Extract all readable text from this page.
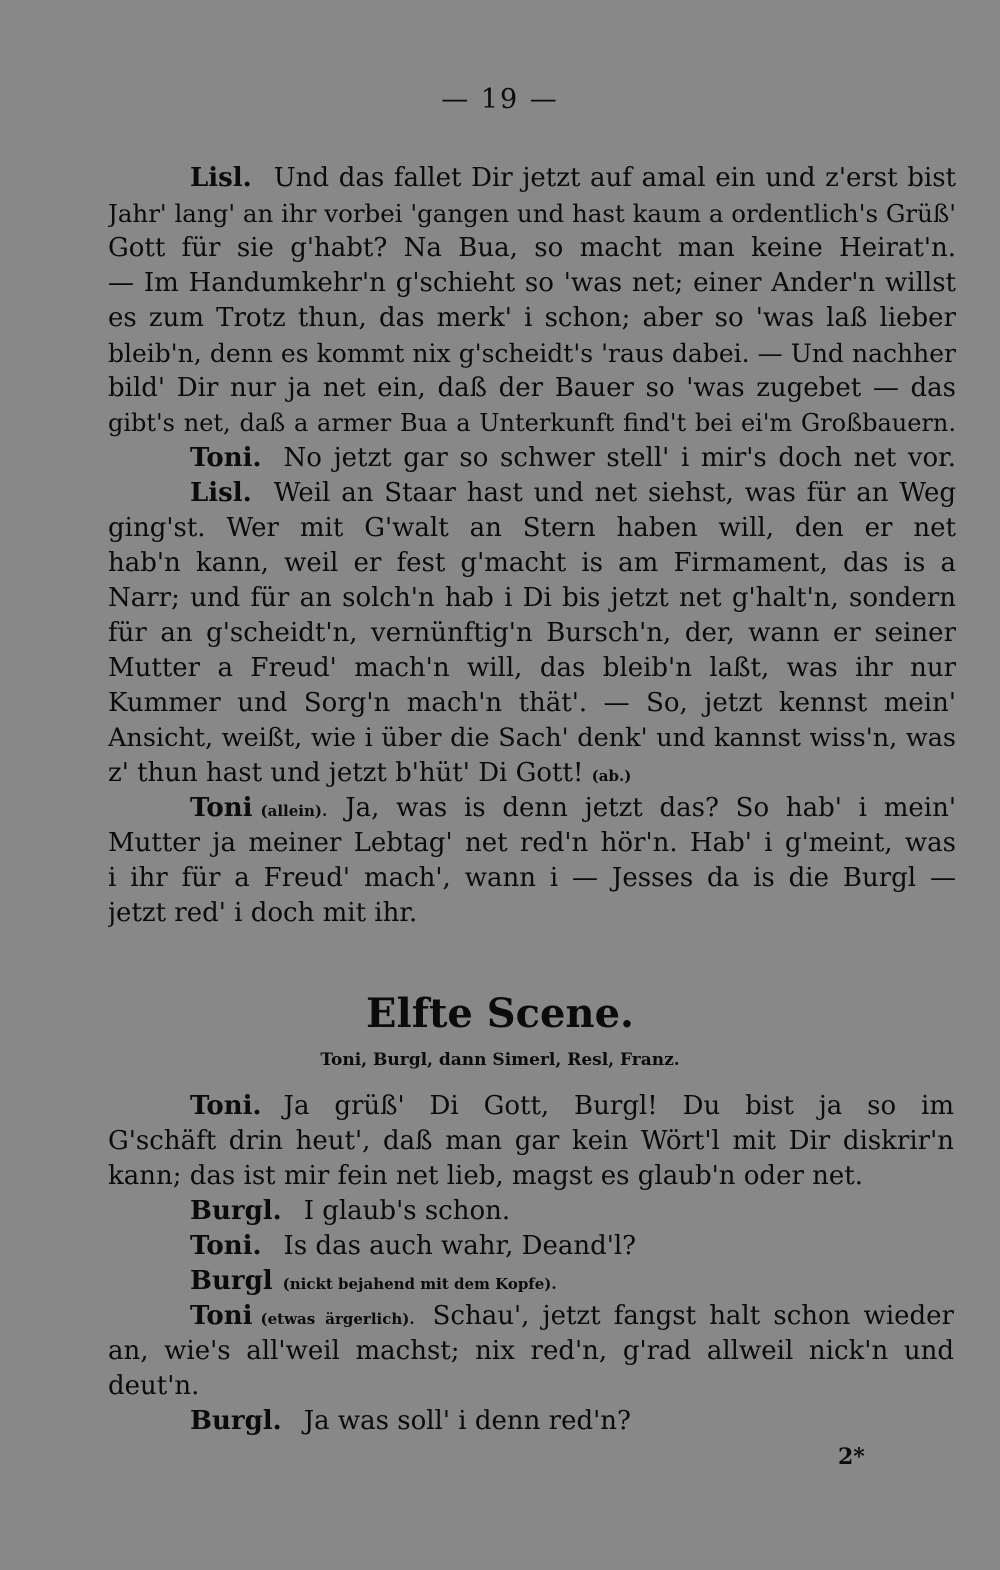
— 19 —
Lisl. Und das fallet Dir jetzt auf amal ein und z'erst bist
Jahr' lang' an ihr vorbei 'gangen und hast kaum a ordentlich's Grüß'
Gott für sie g'habt? Na Bua, so macht man keine Heirat'n.
— Im Handumkehr'n g'schieht so 'was net; einer Ander'n willst
es zum Trotz thun, das merk' i schon; aber so 'was laß lieber
bleib'n, denn es kommt nix g'scheidt's 'raus dabei. — Und nachher
bild' Dir nur ja net ein, daß der Bauer so 'was zugebet — das
gibt's net, daß a armer Bua a Unterkunft find't bei ei'm Großbauern.
Toni. No jetzt gar so schwer stell' i mir's doch net vor.
Lisl. Weil an Staar hast und net siehst, was für an Weg
ging'st. Wer mit G'walt an Stern haben will, den er net
hab'n kann, weil er fest g'macht is am Firmament, das is a
Narr; und für an solch'n hab i Di bis jetzt net g'halt'n, sondern
für an g'scheidt'n, vernünftig'n Bursch'n, der, wann er seiner
Mutter a Freud' mach'n will, das bleib'n laßt, was ihr nur
Kummer und Sorg'n mach'n thät'. — So, jetzt kennst mein'
Ansicht, weißt, wie i über die Sach' denk' und kannst wiss'n, was
z' thun hast und jetzt b'hüt' Di Gott! (ab.)
Toni (allein). Ja, was is denn jetzt das? So hab' i mein'
Mutter ja meiner Lebtag' net red'n hör'n. Hab' i g'meint, was
i ihr für a Freud' mach', wann i — Jesses da is die Burgl —
jetzt red' i doch mit ihr.
Elfte Scene.
Toni, Burgl, dann Simerl, Resl, Franz.
Toni. Ja grüß' Di Gott, Burgl! Du bist ja so im
G'schäft drin heut', daß man gar kein Wört'l mit Dir diskrir'n
kann; das ist mir fein net lieb, magst es glaub'n oder net.
Burgl. I glaub's schon.
Toni. Is das auch wahr, Deand'l?
Burgl (nickt bejahend mit dem Kopfe).
Toni (etwas ärgerlich). Schau', jetzt fangst halt schon wieder
an, wie's all'weil machst; nix red'n, g'rad allweil nick'n und
deut'n.
Burgl. Ja was soll' i denn red'n?
2*
